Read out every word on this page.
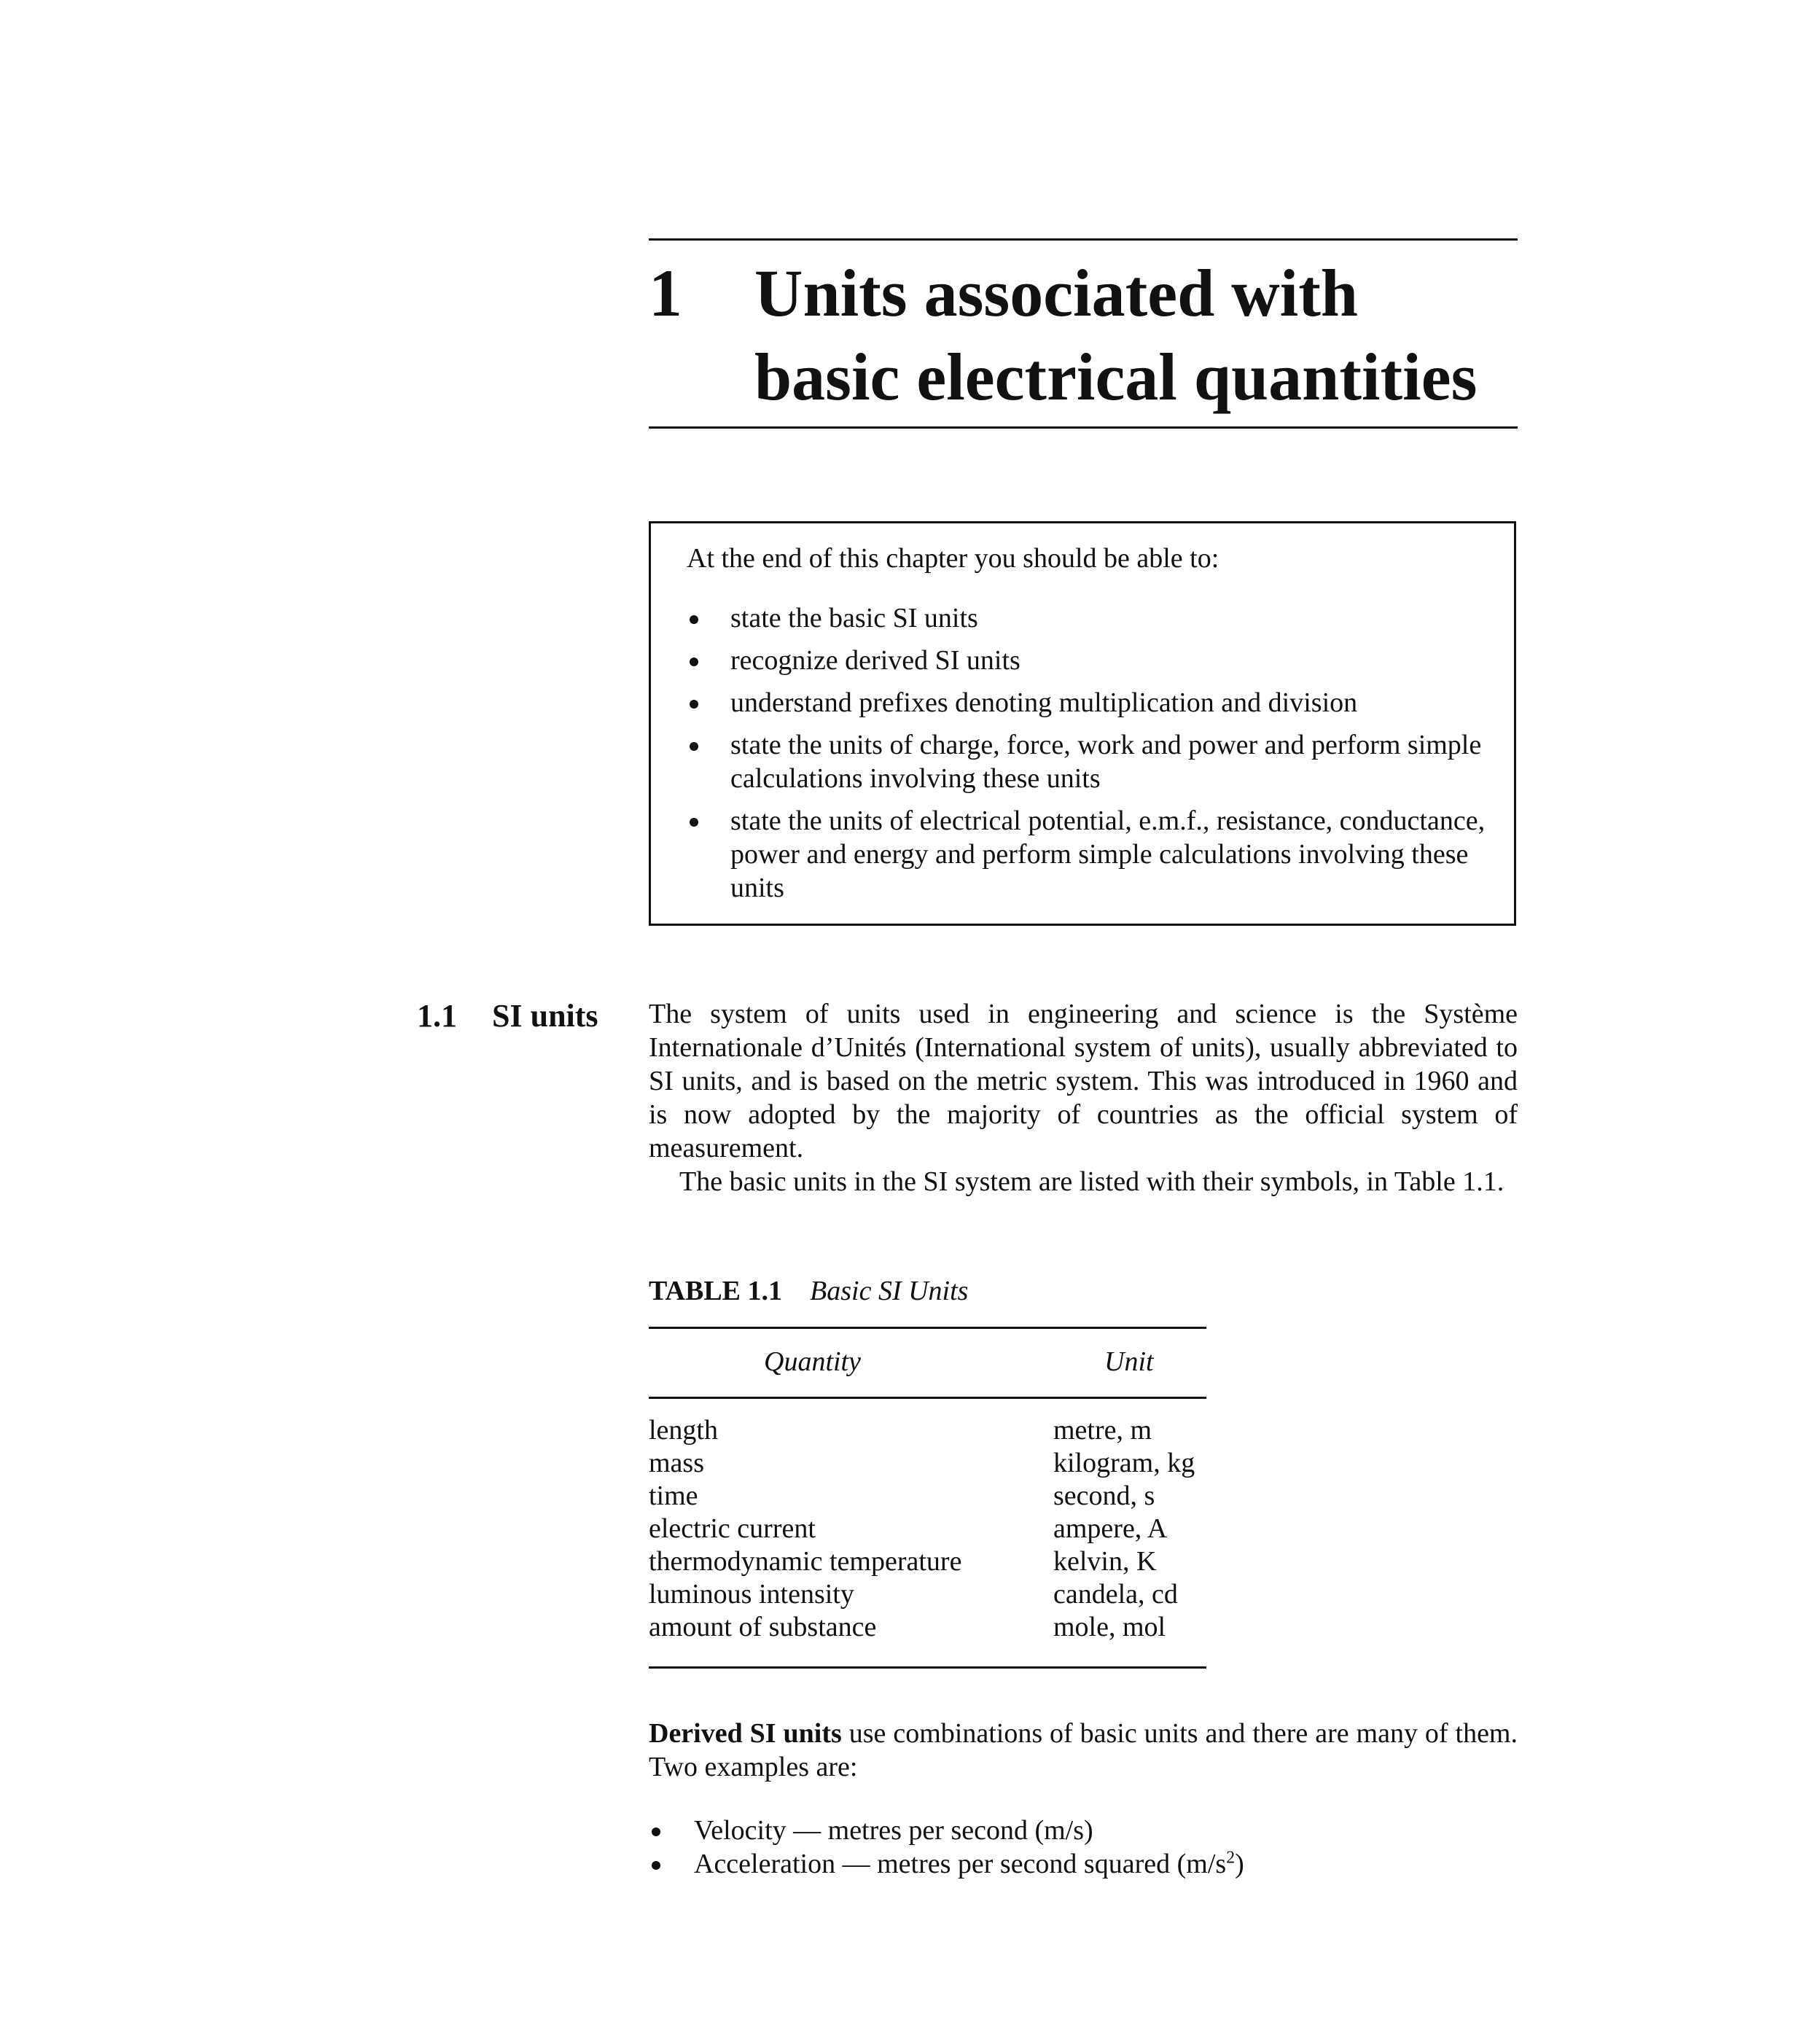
1 Units associated with
basic electrical quantities
At the end of this chapter you should be able to:
state the basic SI units
recognize derived SI units
understand prefixes denoting multiplication and division
state the units of charge, force, work and power and perform simple calculations involving these units
state the units of electrical potential, e.m.f., resistance, conductance, power and energy and perform simple calculations involving these units
1.1 SI units The system of units used in engineering and science is the Système Internationale d’Unités (International system of units), usually abbreviated to SI units, and is based on the metric system. This was introduced in 1960 and is now adopted by the majority of countries as the official system of measurement.

The basic units in the SI system are listed with their symbols, in Table 1.1.

TABLE 1.1 Basic SI Units
Quantity	Unit
length
mass
time
electric current
thermodynamic temperature
luminous intensity
amount of substance
metre, m
kilogram, kg
second, s
ampere, A
kelvin, K
candela, cd
mole, mol

Derived SI units use combinations of basic units and there are many of them. Two examples are:

Velocity — metres per second (m/s)
Acceleration — metres per second squared $(m/s^2)$
